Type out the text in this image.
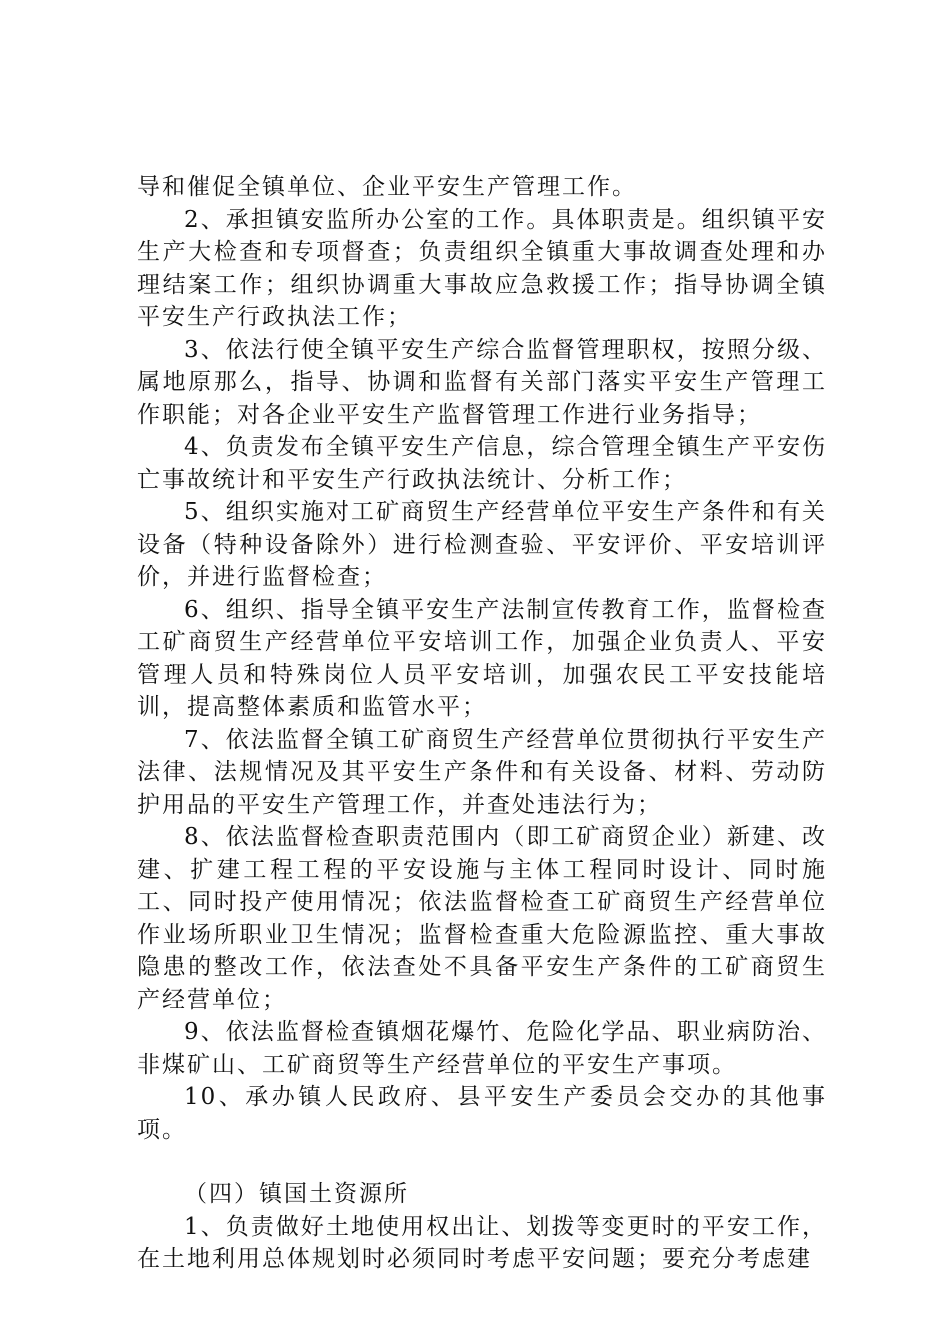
导和催促全镇单位、企业平安生产管理工作。

2、承担镇安监所办公室的工作。具体职责是。组织镇平安生产大检查和专项督查；负责组织全镇重大事故调查处理和办理结案工作；组织协调重大事故应急救援工作；指导协调全镇平安生产行政执法工作；

3、依法行使全镇平安生产综合监督管理职权，按照分级、属地原那么，指导、协调和监督有关部门落实平安生产管理工作职能；对各企业平安生产监督管理工作进行业务指导；

4、负责发布全镇平安生产信息，综合管理全镇生产平安伤亡事故统计和平安生产行政执法统计、分析工作；

5、组织实施对工矿商贸生产经营单位平安生产条件和有关设备（特种设备除外）进行检测查验、平安评价、平安培训评价，并进行监督检查；

6、组织、指导全镇平安生产法制宣传教育工作，监督检查工矿商贸生产经营单位平安培训工作，加强企业负责人、平安管理人员和特殊岗位人员平安培训，加强农民工平安技能培训，提高整体素质和监管水平；

7、依法监督全镇工矿商贸生产经营单位贯彻执行平安生产法律、法规情况及其平安生产条件和有关设备、材料、劳动防护用品的平安生产管理工作，并查处违法行为；

8、依法监督检查职责范围内（即工矿商贸企业）新建、改建、扩建工程工程的平安设施与主体工程同时设计、同时施工、同时投产使用情况；依法监督检查工矿商贸生产经营单位作业场所职业卫生情况；监督检查重大危险源监控、重大事故隐患的整改工作，依法查处不具备平安生产条件的工矿商贸生产经营单位；

9、依法监督检查镇烟花爆竹、危险化学品、职业病防治、非煤矿山、工矿商贸等生产经营单位的平安生产事项。

10、承办镇人民政府、县平安生产委员会交办的其他事项。

（四）镇国土资源所

1、负责做好土地使用权出让、划拨等变更时的平安工作，在土地利用总体规划时必须同时考虑平安问题；要充分考虑建
